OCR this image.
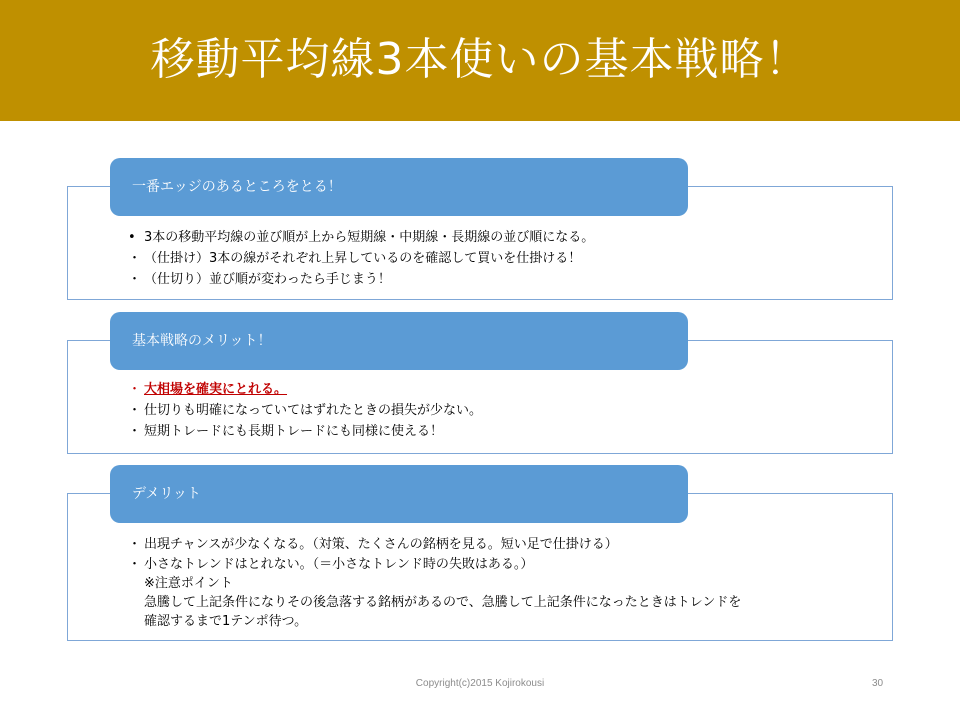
移動平均線3本使いの基本戦略！
• 3本の移動平均線の並び順が上から短期線・中期線・長期線の並び順になる。
・ （仕掛け）3本の線がそれぞれ上昇しているのを確認して買いを仕掛ける！
・ （仕切り）並び順が変わったら手じまう！
一番エッジのあるところをとる！
・ 大相場を確実にとれる。
・ 仕切りも明確になっていてはずれたときの損失が少ない。
・ 短期トレードにも長期トレードにも同様に使える！
基本戦略のメリット！
・ 出現チャンスが少なくなる。（対策、たくさんの銘柄を見る。短い足で仕掛ける）
・ 小さなトレンドはとれない。（＝小さなトレンド時の失敗はある。）
※注意ポイント
急騰して上記条件になりその後急落する銘柄があるので、急騰して上記条件になったときはトレンドを
確認するまで1テンポ待つ。
デメリット
Copyright(c)2015 Kojirokousi	30
